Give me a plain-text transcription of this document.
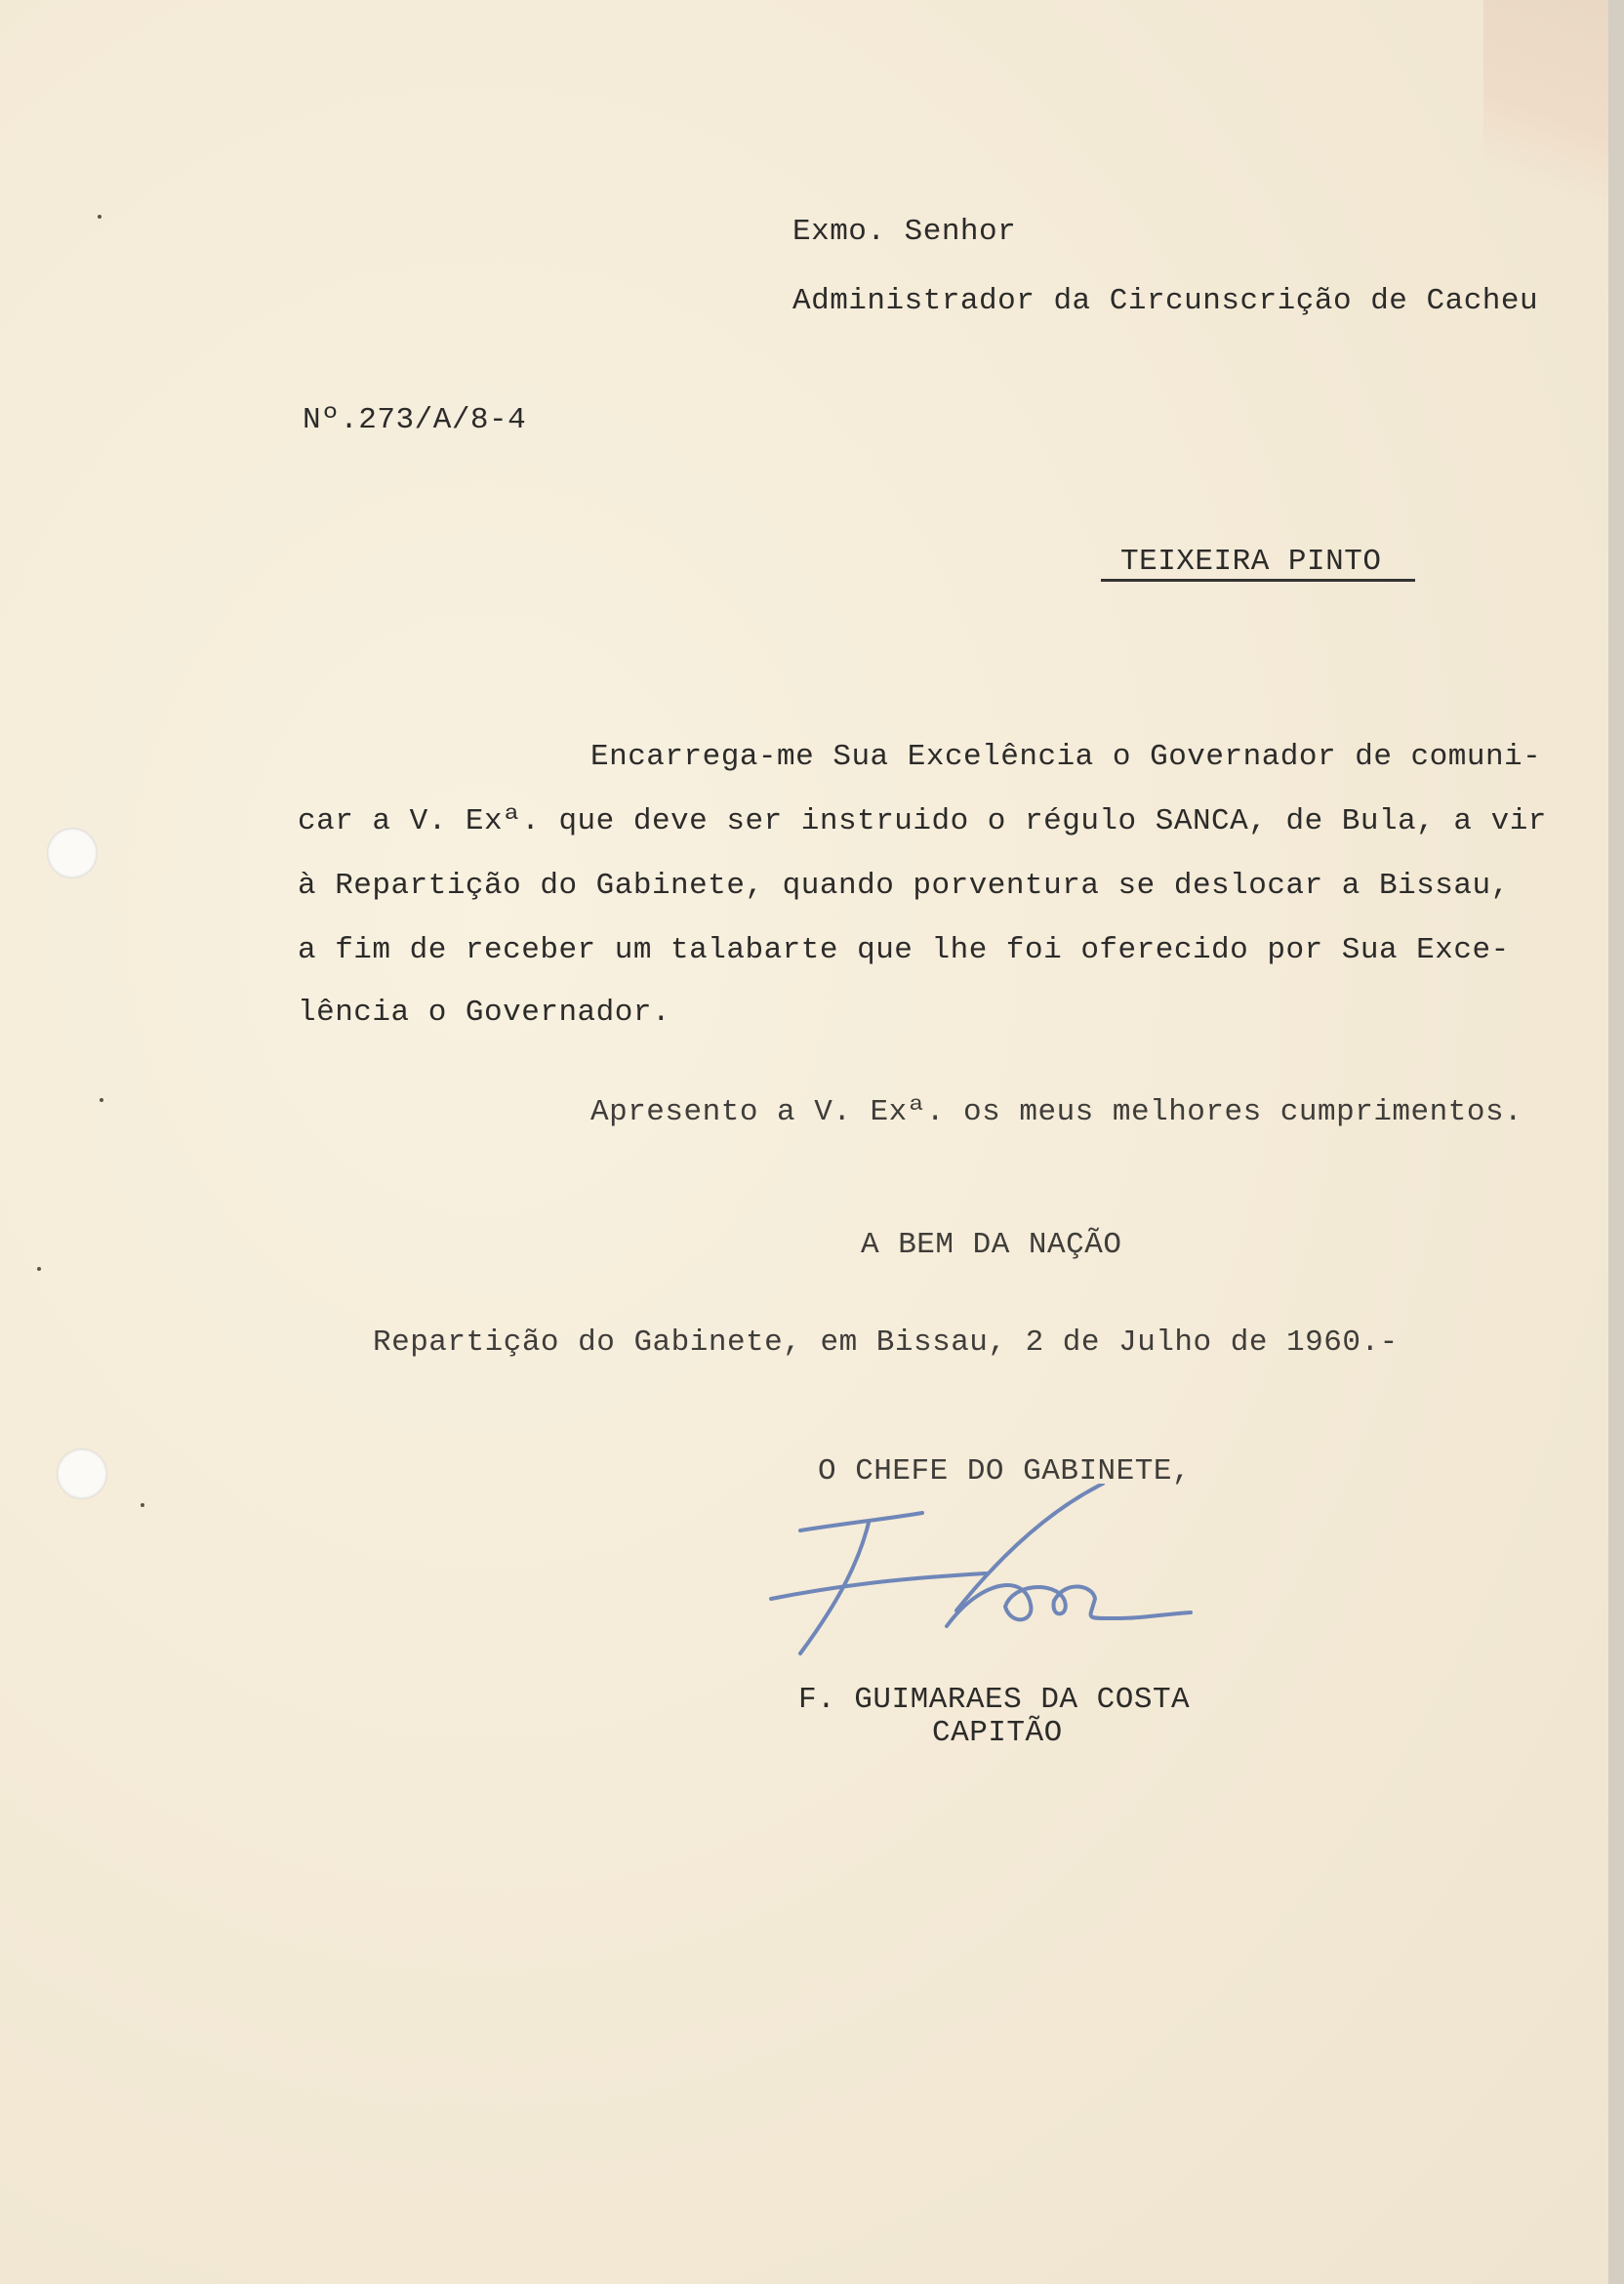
Exmo. Senhor
Administrador da Circunscrição de Cacheu
Nº.273/A/8-4
TEIXEIRA PINTO
Encarrega-me Sua Excelência o Governador de comuni-
car a V. Exª. que deve ser instruido o régulo SANCA, de Bula, a vir
à Repartição do Gabinete, quando porventura se deslocar a Bissau,
a fim de receber um talabarte que lhe foi oferecido por Sua Exce-
lência o Governador.
Apresento a V. Exª. os meus melhores cumprimentos.
A BEM DA NAÇÃO
Repartição do Gabinete, em Bissau, 2 de Julho de 1960.-
O CHEFE DO GABINETE,
F. GUIMARAES DA COSTA
CAPITÃO
